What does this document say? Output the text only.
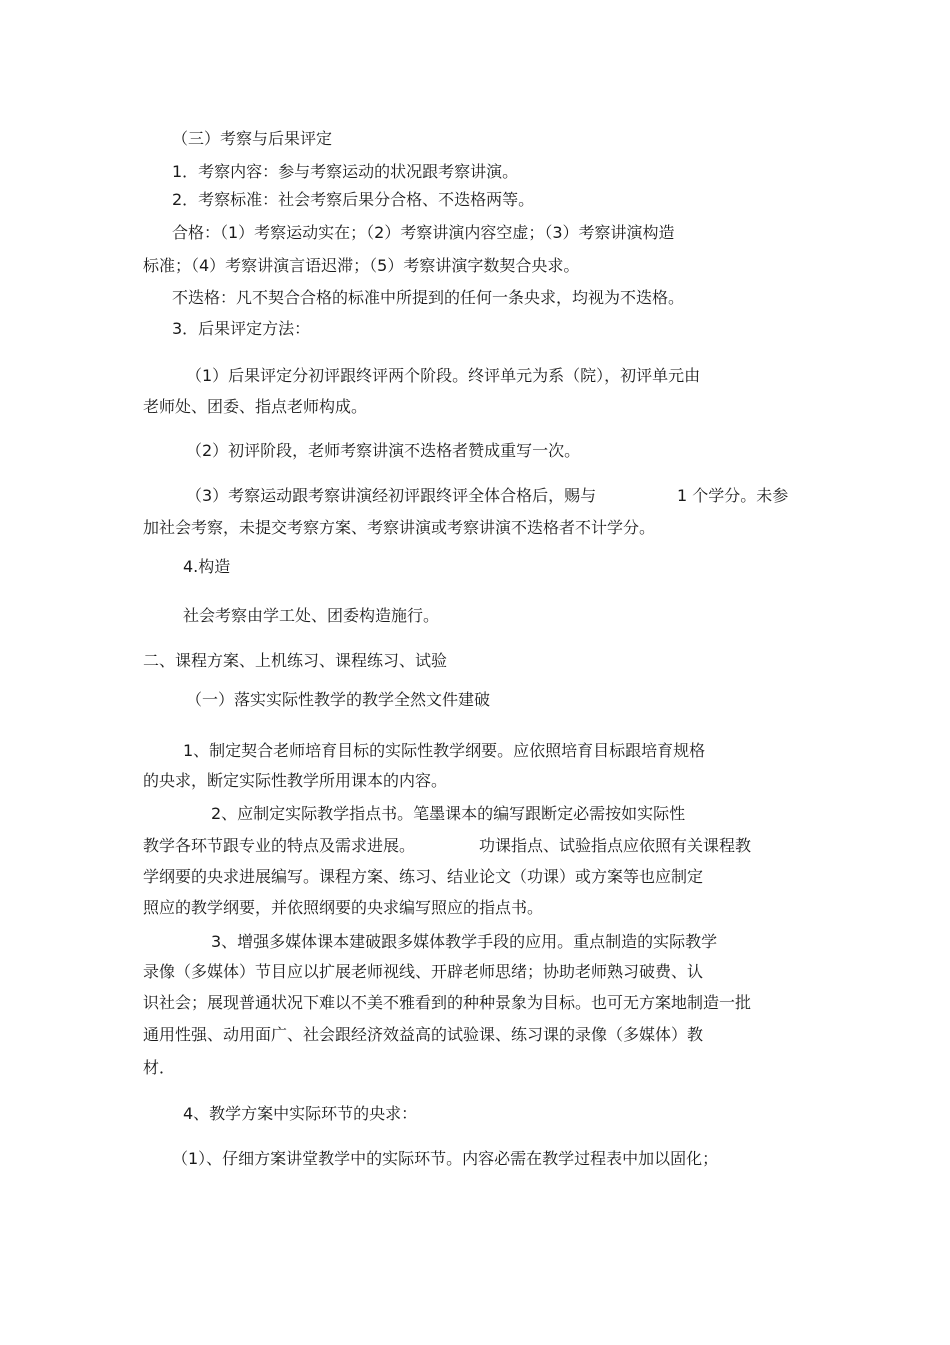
（三）考察与后果评定
1．考察内容：参与考察运动的状况跟考察讲演。
2．考察标准：社会考察后果分合格、不迭格两等。
合格：（1）考察运动实在；（2）考察讲演内容空虚；（3）考察讲演构造
标准；（4）考察讲演言语迟滞；（5）考察讲演字数契合央求。
不迭格：凡不契合合格的标准中所提到的任何一条央求，均视为不迭格。
3．后果评定方法：
（1）后果评定分初评跟终评两个阶段。终评单元为系（院），初评单元由
老师处、团委、指点老师构成。
（2）初评阶段，老师考察讲演不迭格者赞成重写一次。
（3）考察运动跟考察讲演经初评跟终评全体合格后，赐与	1 个学分。未参
加社会考察，未提交考察方案、考察讲演或考察讲演不迭格者不计学分。
4.构造
社会考察由学工处、团委构造施行。
二、课程方案、上机练习、课程练习、试验
（一）落实实际性教学的教学全然文件建破
1、制定契合老师培育目标的实际性教学纲要。应依照培育目标跟培育规格
的央求，断定实际性教学所用课本的内容。
2、应制定实际教学指点书。笔墨课本的编写跟断定必需按如实际性
教学各环节跟专业的特点及需求进展。	功课指点、试验指点应依照有关课程教
学纲要的央求进展编写。课程方案、练习、结业论文（功课）或方案等也应制定
照应的教学纲要，并依照纲要的央求编写照应的指点书。
3、增强多媒体课本建破跟多媒体教学手段的应用。重点制造的实际教学
录像（多媒体）节目应以扩展老师视线、开辟老师思绪；协助老师熟习破费、认
识社会；展现普通状况下难以不美不雅看到的种种景象为目标。也可无方案地制造一批
通用性强、动用面广、社会跟经济效益高的试验课、练习课的录像（多媒体）教
材．
4、教学方案中实际环节的央求：
（1）、仔细方案讲堂教学中的实际环节。内容必需在教学过程表中加以固化；
